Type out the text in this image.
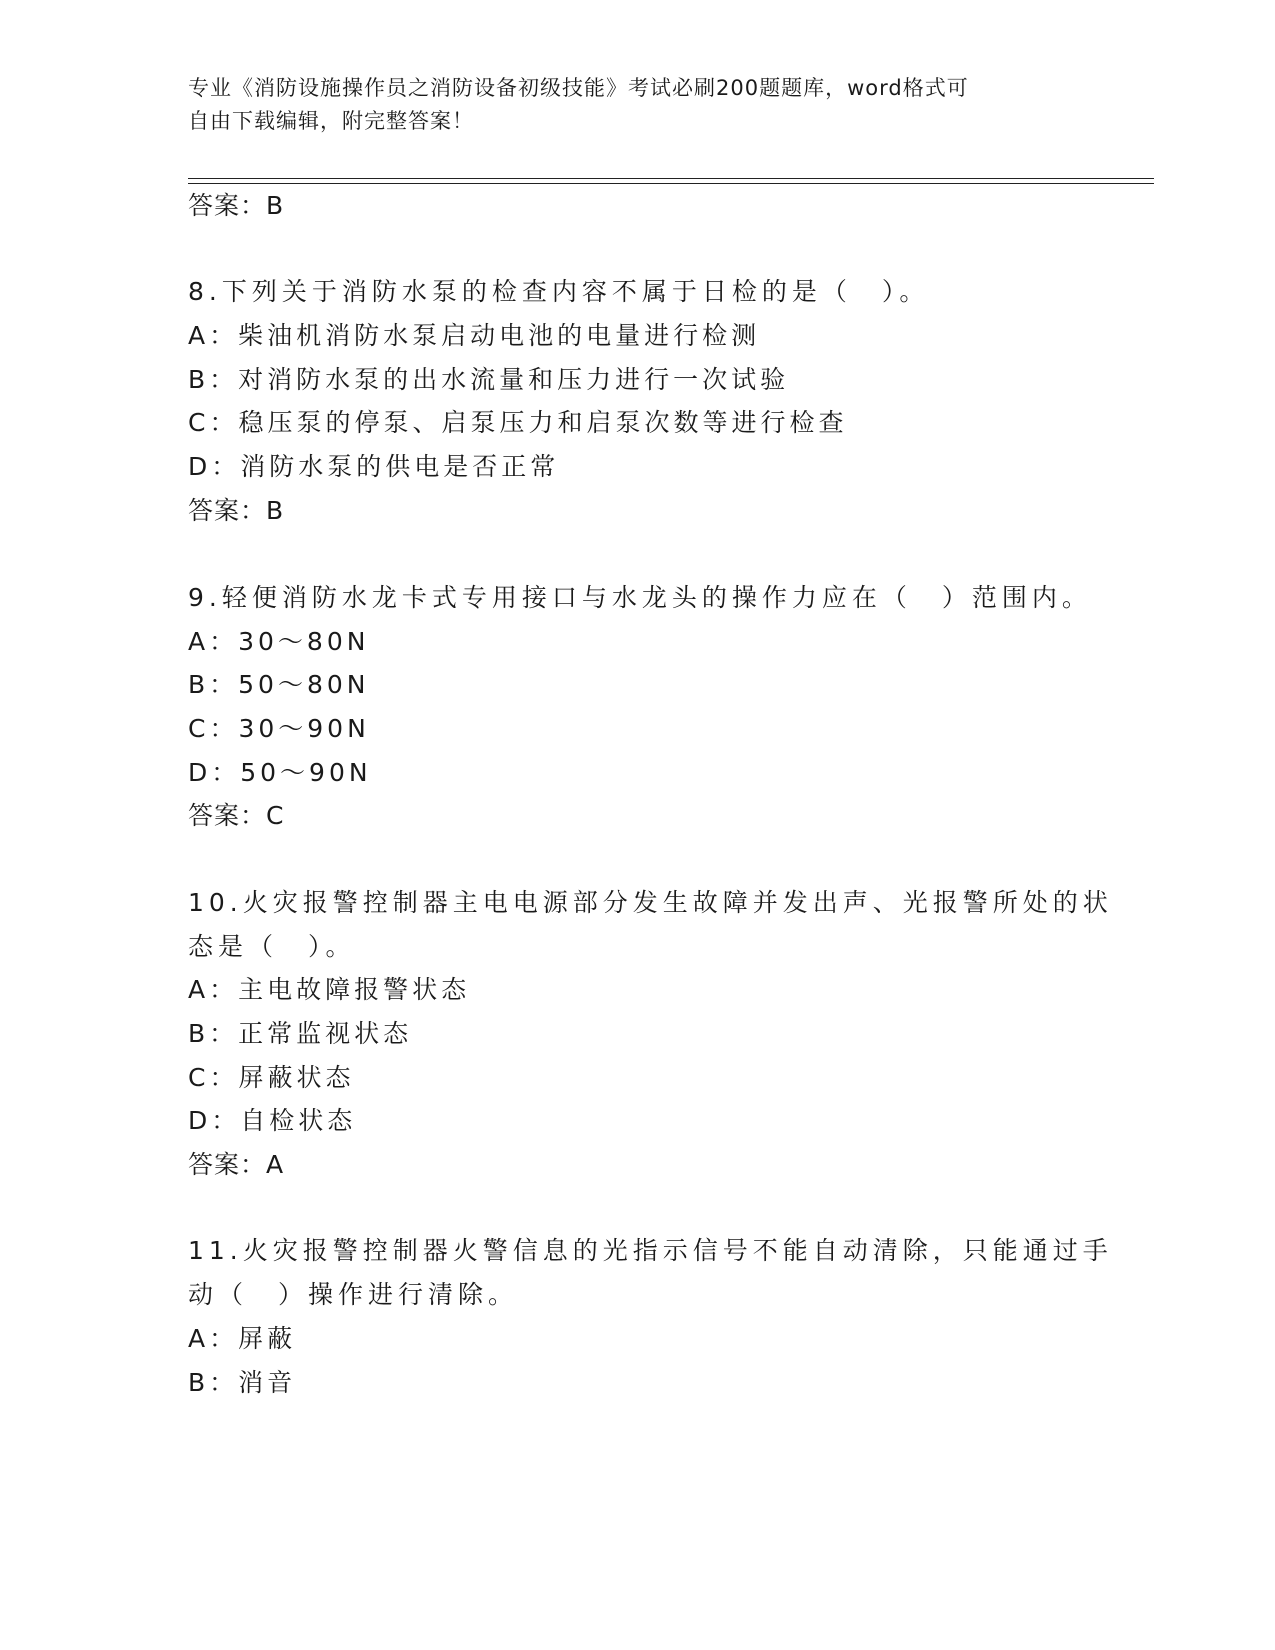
专业《消防设施操作员之消防设备初级技能》考试必刷200题题库，word格式可
自由下载编辑，附完整答案！
答案：B
8.下列关于消防水泵的检查内容不属于日检的是（　）。
A：柴油机消防水泵启动电池的电量进行检测
B：对消防水泵的出水流量和压力进行一次试验
C：稳压泵的停泵、启泵压力和启泵次数等进行检查
D：消防水泵的供电是否正常
答案：B
9.轻便消防水龙卡式专用接口与水龙头的操作力应在（　）范围内。
A：30～80N
B：50～80N
C：30～90N
D：50～90N
答案：C
10.火灾报警控制器主电电源部分发生故障并发出声、光报警所处的状
态是（　）。
A：主电故障报警状态
B：正常监视状态
C：屏蔽状态
D：自检状态
答案：A
11.火灾报警控制器火警信息的光指示信号不能自动清除，只能通过手
动（　）操作进行清除。
A：屏蔽
B：消音
